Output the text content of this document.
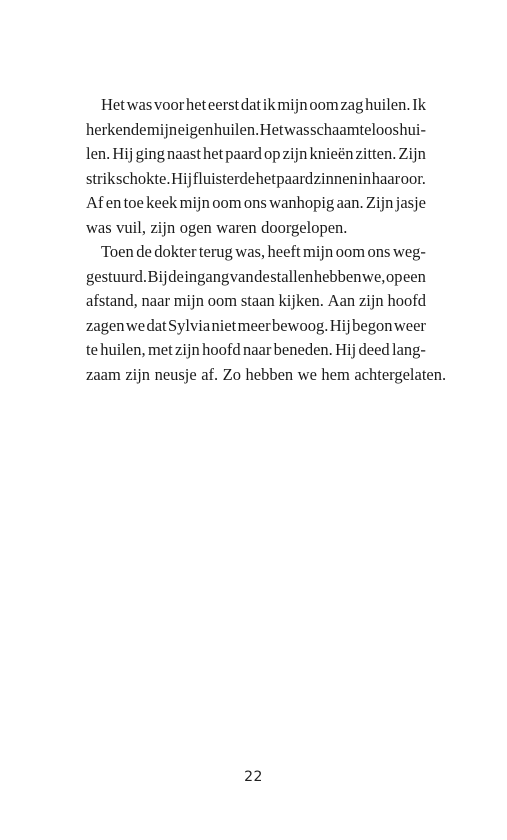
Het was voor het eerst dat ik mijn oom zag huilen. Ik
herkende mijn eigen huilen. Het was schaamteloos hui-
len. Hij ging naast het paard op zijn knieën zitten. Zijn
strik schokte. Hij fluisterde het paard zinnen in haar oor.
Af en toe keek mijn oom ons wanhopig aan. Zijn jasje
was vuil, zijn ogen waren doorgelopen.
Toen de dokter terug was, heeft mijn oom ons weg-
gestuurd. Bij de ingang van de stallen hebben we, op een
afstand, naar mijn oom staan kijken. Aan zijn hoofd
zagen we dat Sylvia niet meer bewoog. Hij begon weer
te huilen, met zijn hoofd naar beneden. Hij deed lang-
zaam zijn neusje af. Zo hebben we hem achtergelaten.
22
